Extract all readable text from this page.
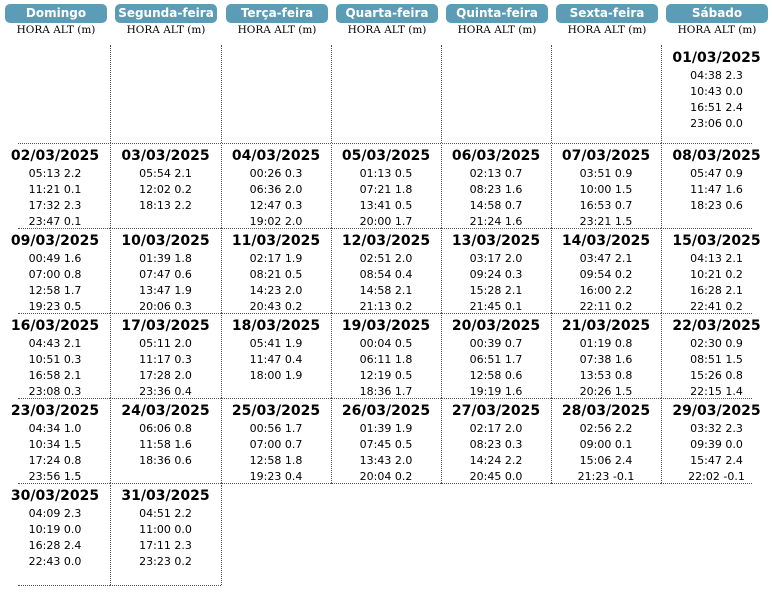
Domingo
HORA ALT (m)
Segunda-feira
HORA ALT (m)
Terça-feira
HORA ALT (m)
Quarta-feira
HORA ALT (m)
Quinta-feira
HORA ALT (m)
Sexta-feira
HORA ALT (m)
Sábado
HORA ALT (m)
01/03/2025
04:38 2.3
10:43 0.0
16:51 2.4
23:06 0.0
02/03/2025
05:13 2.2
11:21 0.1
17:32 2.3
23:47 0.1
03/03/2025
05:54 2.1
12:02 0.2
18:13 2.2
04/03/2025
00:26 0.3
06:36 2.0
12:47 0.3
19:02 2.0
05/03/2025
01:13 0.5
07:21 1.8
13:41 0.5
20:00 1.7
06/03/2025
02:13 0.7
08:23 1.6
14:58 0.7
21:24 1.6
07/03/2025
03:51 0.9
10:00 1.5
16:53 0.7
23:21 1.5
08/03/2025
05:47 0.9
11:47 1.6
18:23 0.6
09/03/2025
00:49 1.6
07:00 0.8
12:58 1.7
19:23 0.5
10/03/2025
01:39 1.8
07:47 0.6
13:47 1.9
20:06 0.3
11/03/2025
02:17 1.9
08:21 0.5
14:23 2.0
20:43 0.2
12/03/2025
02:51 2.0
08:54 0.4
14:58 2.1
21:13 0.2
13/03/2025
03:17 2.0
09:24 0.3
15:28 2.1
21:45 0.1
14/03/2025
03:47 2.1
09:54 0.2
16:00 2.2
22:11 0.2
15/03/2025
04:13 2.1
10:21 0.2
16:28 2.1
22:41 0.2
16/03/2025
04:43 2.1
10:51 0.3
16:58 2.1
23:08 0.3
17/03/2025
05:11 2.0
11:17 0.3
17:28 2.0
23:36 0.4
18/03/2025
05:41 1.9
11:47 0.4
18:00 1.9
19/03/2025
00:04 0.5
06:11 1.8
12:19 0.5
18:36 1.7
20/03/2025
00:39 0.7
06:51 1.7
12:58 0.6
19:19 1.6
21/03/2025
01:19 0.8
07:38 1.6
13:53 0.8
20:26 1.5
22/03/2025
02:30 0.9
08:51 1.5
15:26 0.8
22:15 1.4
23/03/2025
04:34 1.0
10:34 1.5
17:24 0.8
23:56 1.5
24/03/2025
06:06 0.8
11:58 1.6
18:36 0.6
25/03/2025
00:56 1.7
07:00 0.7
12:58 1.8
19:23 0.4
26/03/2025
01:39 1.9
07:45 0.5
13:43 2.0
20:04 0.2
27/03/2025
02:17 2.0
08:23 0.3
14:24 2.2
20:45 0.0
28/03/2025
02:56 2.2
09:00 0.1
15:06 2.4
21:23 -0.1
29/03/2025
03:32 2.3
09:39 0.0
15:47 2.4
22:02 -0.1
30/03/2025
04:09 2.3
10:19 0.0
16:28 2.4
22:43 0.0
31/03/2025
04:51 2.2
11:00 0.0
17:11 2.3
23:23 0.2
